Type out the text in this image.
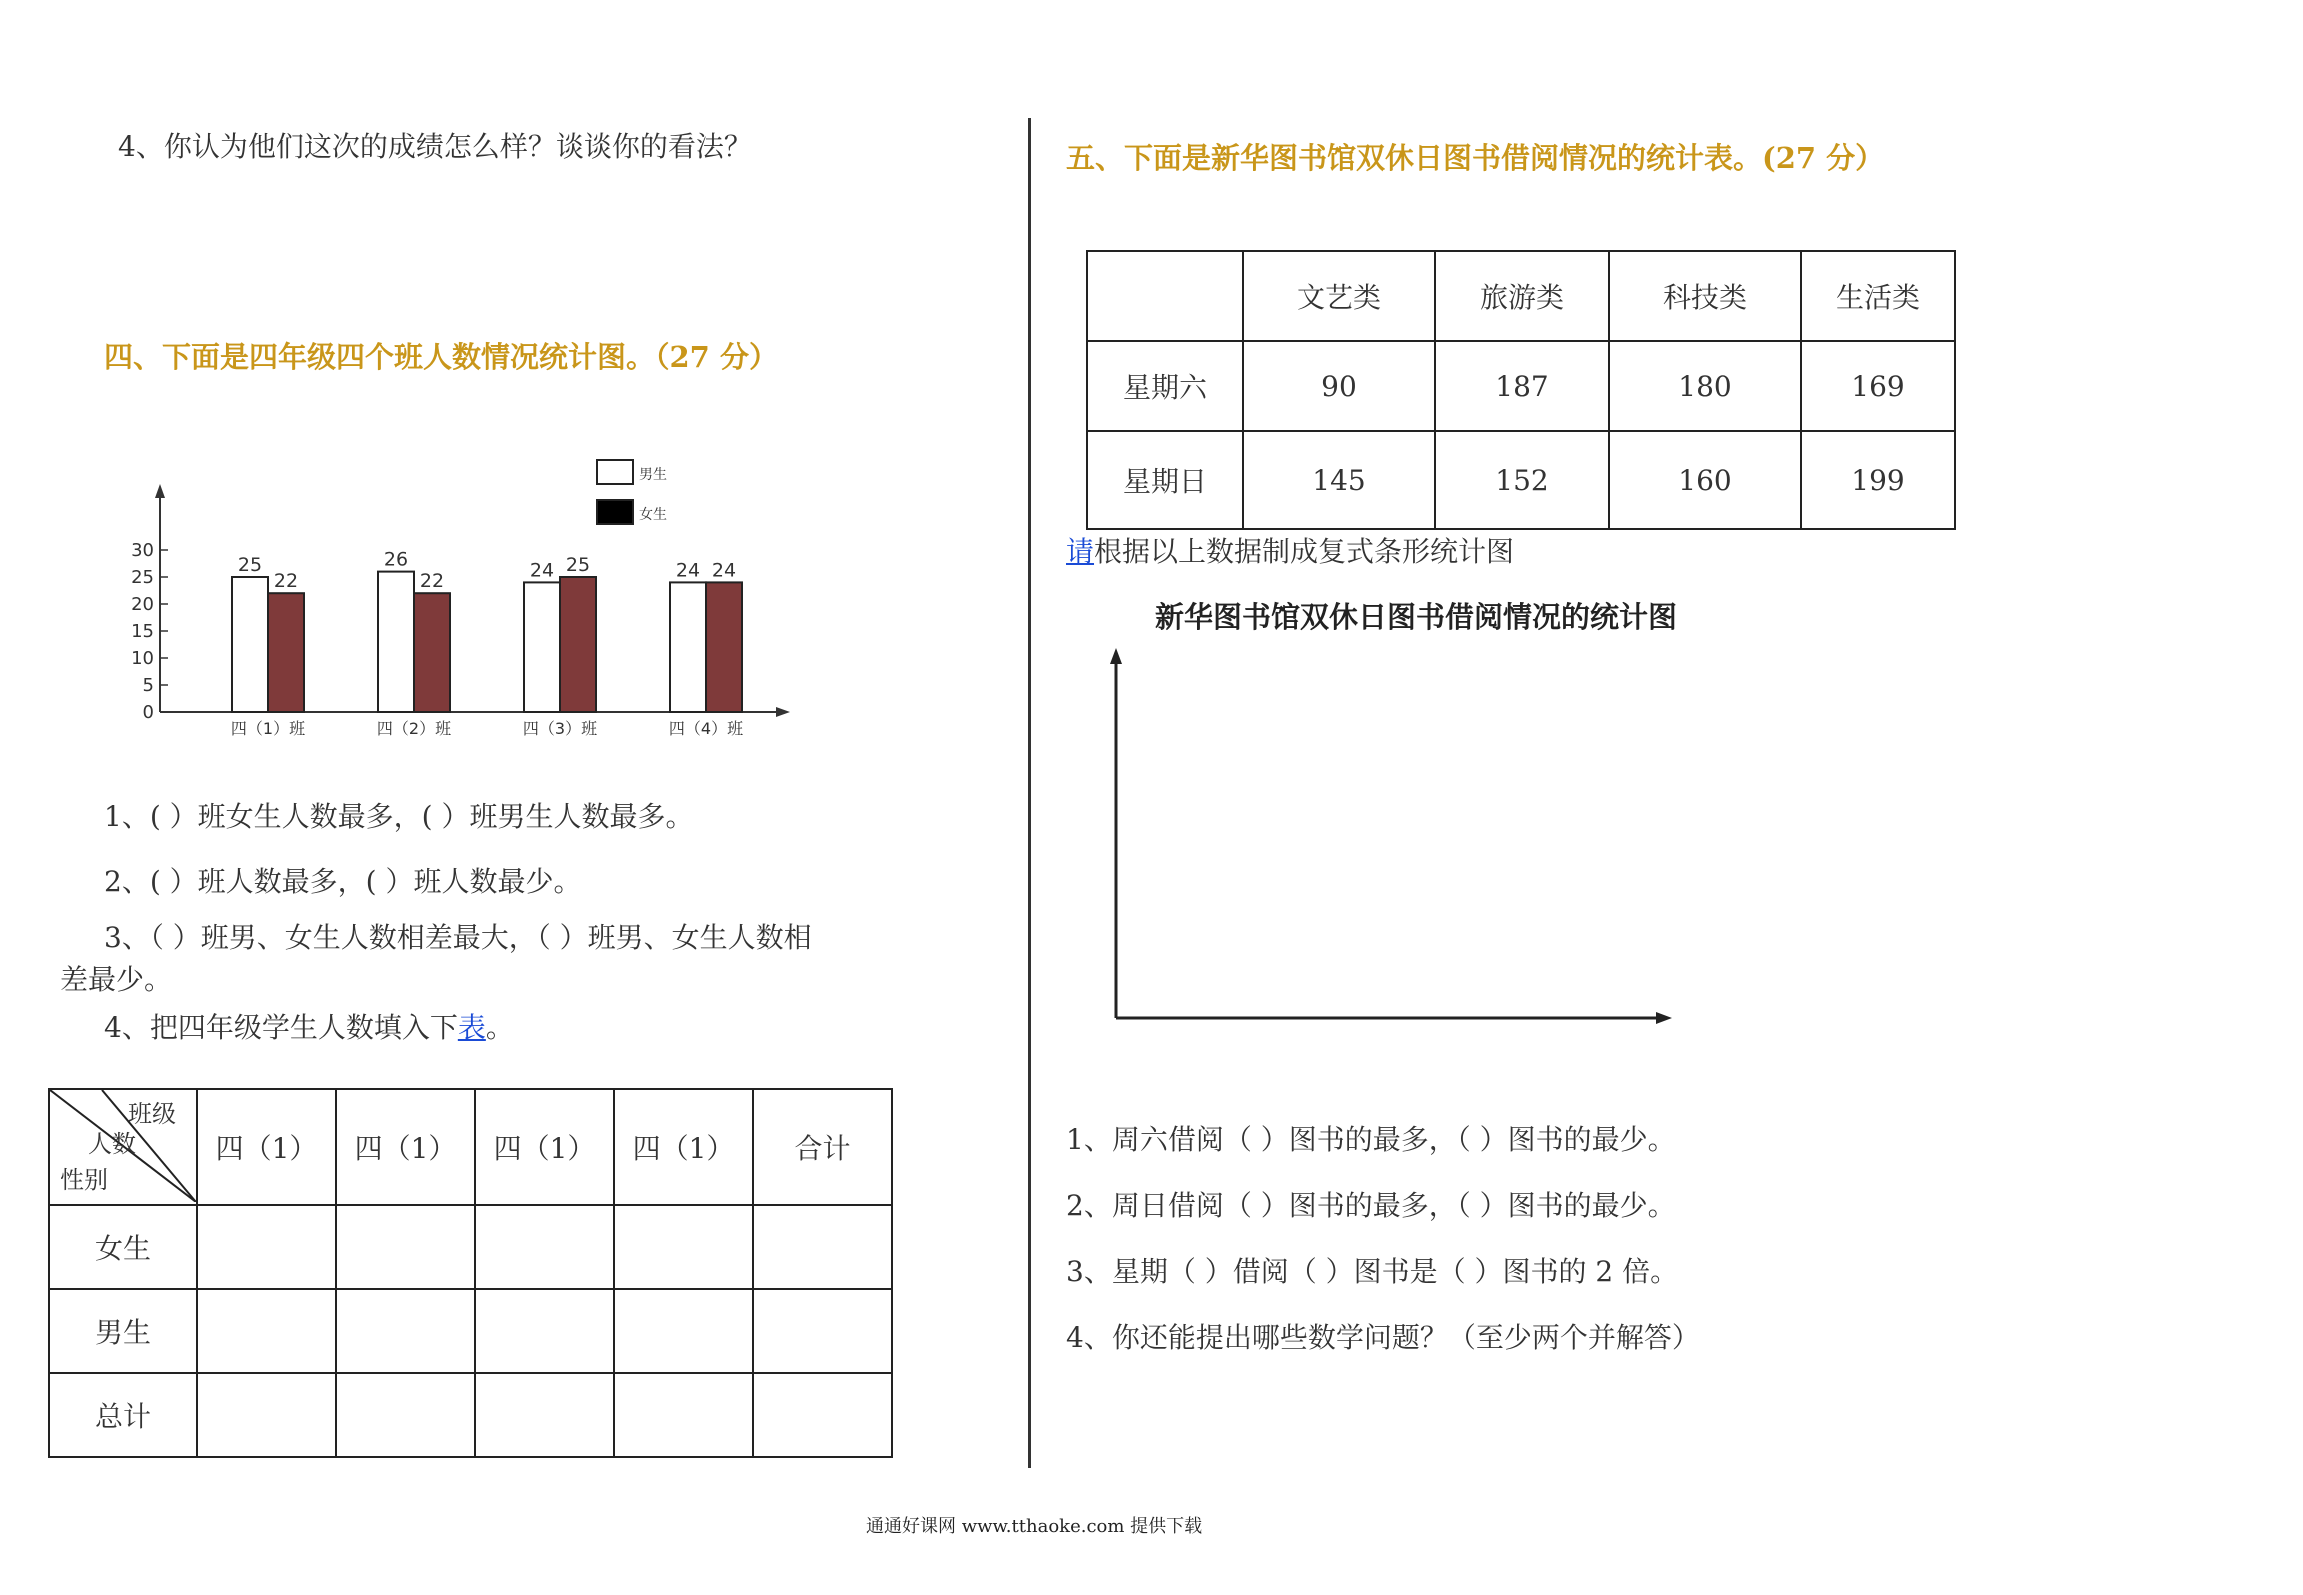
4、你认为他们这次的成绩怎么样？谈谈你的看法？
四、下面是四年级四个班人数情况统计图。（27 分）
0
5
10
15
20
25
30
25
22
四（1）班
26
22
四（2）班
24 25
四（3）班
24 24
四（4）班
男生
女生
1、( ）班女生人数最多，( ）班男生人数最多。
2、( ）班人数最多，( ）班人数最少。
3、（ ）班男、女生人数相差最大，（ ）班男、女生人数相
差最少。
4、把四年级学生人数填入下表。
班级
人数
性别	四（1）	四（1）	四（1）	四（1）	合计
女生					
男生					
总计					
五、下面是新华图书馆双休日图书借阅情况的统计表。(27 分）
	文艺类	旅游类	科技类	生活类
星期六	90	187	180	169
星期日	145	152	160	199
请根据以上数据制成复式条形统计图
新华图书馆双休日图书借阅情况的统计图
1、周六借阅（ ）图书的最多，（ ）图书的最少。
2、周日借阅（ ）图书的最多，（ ）图书的最少。
3、星期（ ）借阅（ ）图书是（ ）图书的 2 倍。
4、你还能提出哪些数学问题？（至少两个并解答）
通通好课网 www.tthaoke.com 提供下载
